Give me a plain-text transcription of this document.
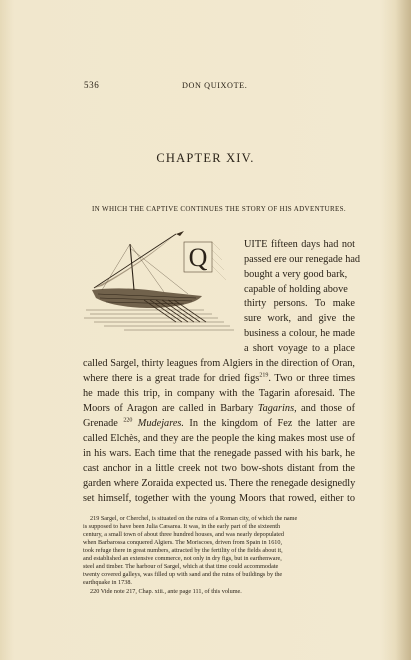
536	DON QUIXOTE.
CHAPTER XIV.
IN WHICH THE CAPTIVE CONTINUES THE STORY OF HIS ADVENTURES.
Q	UITE fifteen days had not
passed ere our renegade had
bought a very good bark,
capable of holding above
thirty persons. To make
sure work, and give the
business a colour, he made
a short voyage to a place
called Sargel, thirty leagues from Algiers in the direction of Oran,
where there is a great trade for dried figs$^{219}$. Two or three times
he made this trip, in company with the Tagarin aforesaid. The
Moors of Aragon are called in Barbary Tagarins, and those of
Grenade $^{220}$ Mudejares. In the kingdom of Fez the latter are
called Elchès, and they are the people the king makes most use of
in his wars. Each time that the renegade passed with his bark, he
cast anchor in a little creek not two bow-shots distant from the
garden where Zoraida expected us. There the renegade designedly
set himself, together with the young Moors that rowed, either to
219 Sargel, or Cherchel, is situated on the ruins of a Roman city, of which the name
is supposed to have been Julia Cæsarea. It was, in the early part of the sixteenth
century, a small town of about three hundred houses, and was nearly depopulated
when Barbarossa conquered Algiers. The Moriscoes, driven from Spain in 1610,
took refuge there in great numbers, attracted by the fertility of the fields about it,
and established an extensive commerce, not only in dry figs, but in earthenware,
steel and timber. The harbour of Sargel, which at that time could accommodate
twenty covered galleys, was filled up with sand and the ruins of buildings by the
earthquake in 1738.
220 Vide note 217, Chap. xiii., ante page 111, of this volume.
